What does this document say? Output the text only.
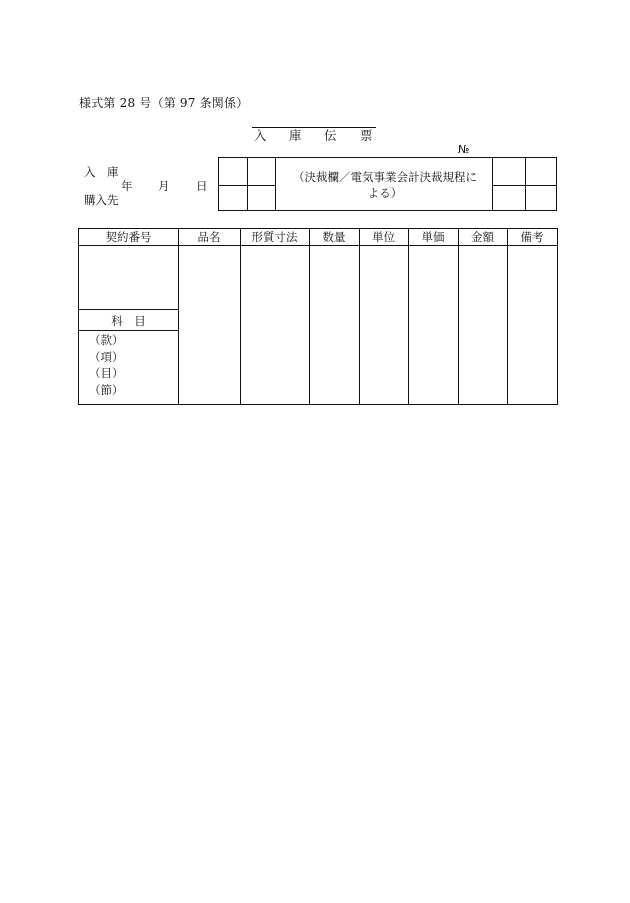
様式第 28 号（第 97 条関係）
入 庫 伝 票
№
入　庫
年 月 日
購入先
（決裁欄／電気事業会計決裁規程に
よる）
契約番号	品名	形質寸法	数量	単位	単価	金額	備考
科　目
（款）
（項）
（目）
（節）
